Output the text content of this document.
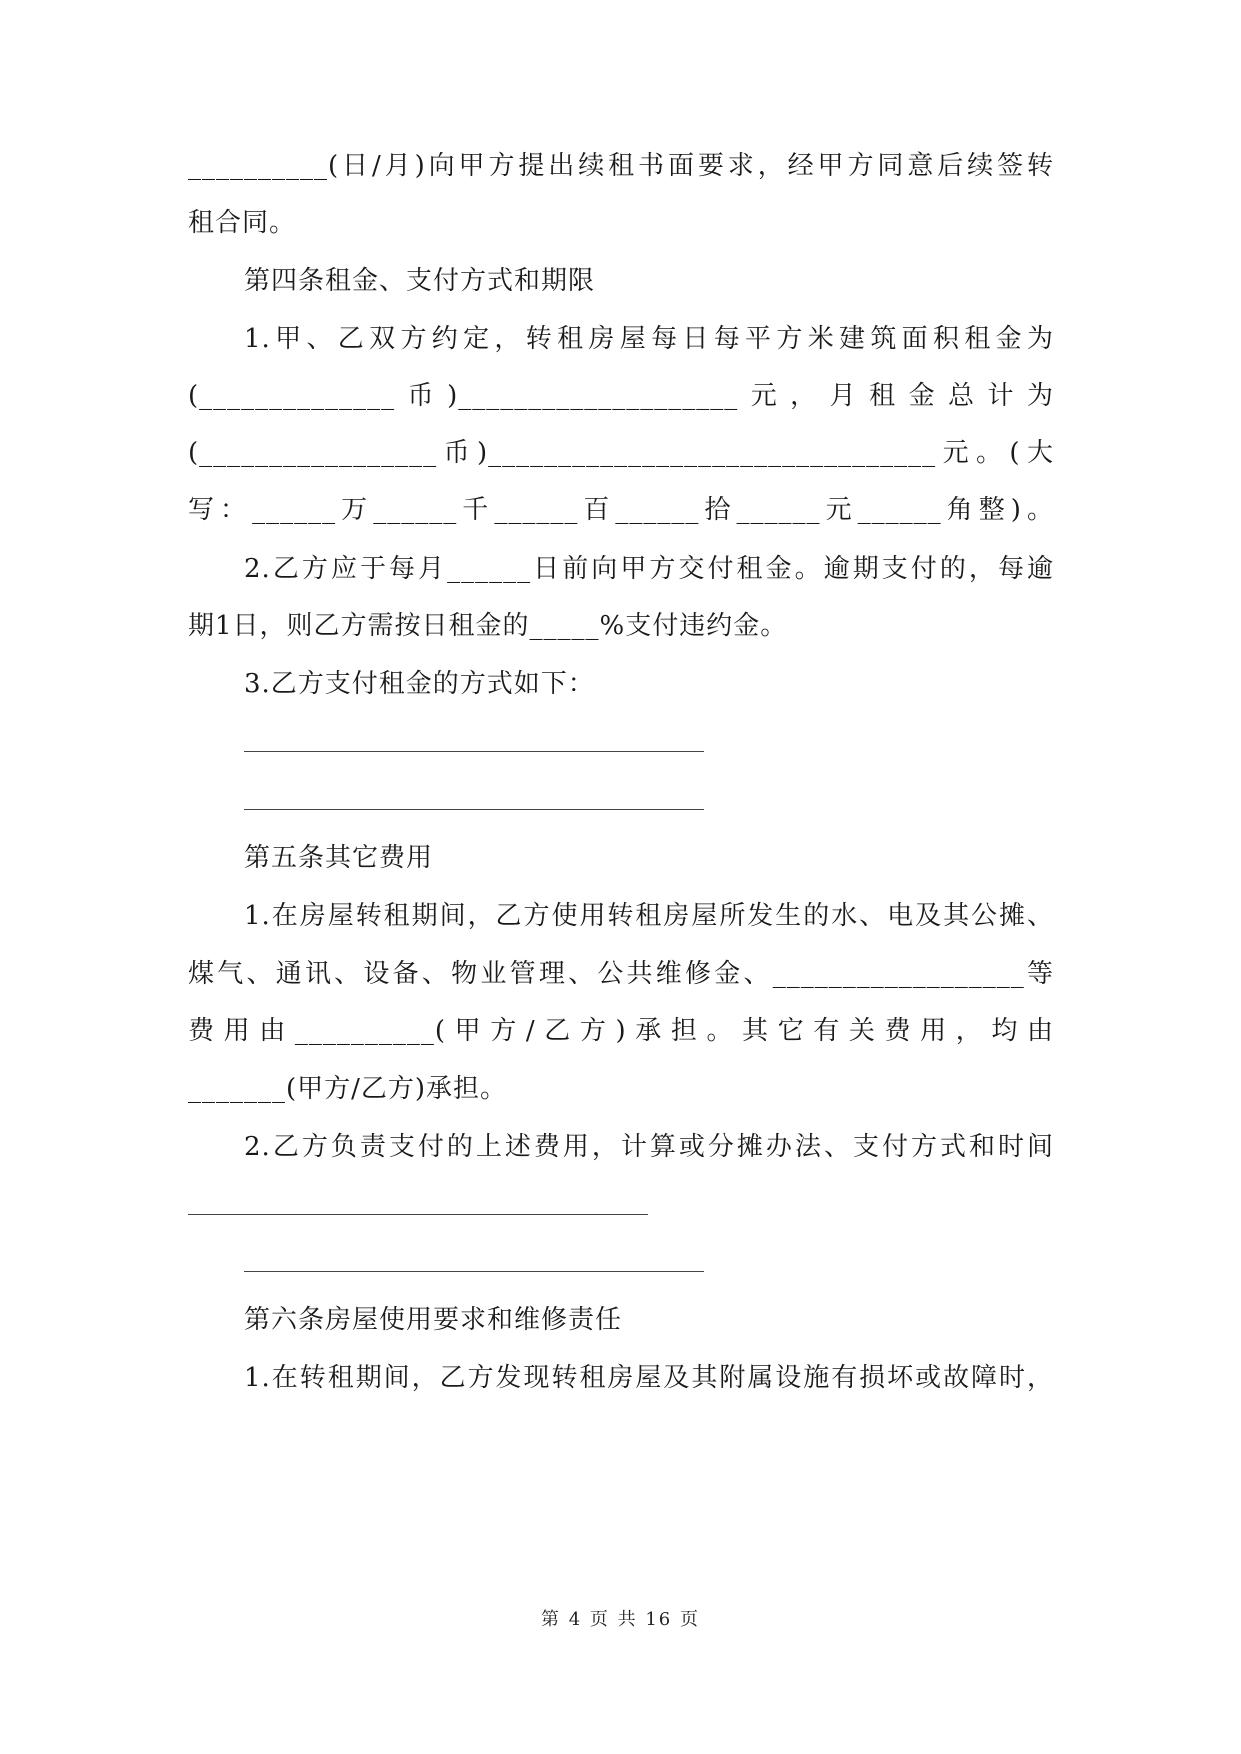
__________(日/月)向甲方提出续租书面要求，经甲方同意后续签转
租合同。
第四条租金、支付方式和期限
1.甲、乙双方约定，转租房屋每日每平方米建筑面积租金为
(______________币)____________________元，月租金总计为
(_________________币)________________________________元。(大
写：______万______千______百______拾______元______角整)。
2.乙方应于每月______日前向甲方交付租金。逾期支付的，每逾
期1日，则乙方需按日租金的_____%支付违约金。
3.乙方支付租金的方式如下：
第五条其它费用
1.在房屋转租期间，乙方使用转租房屋所发生的水、电及其公摊、
煤气、通讯、设备、物业管理、公共维修金、__________________等
费用由__________(甲方/乙方)承担。其它有关费用，均由
_______(甲方/乙方)承担。
2.乙方负责支付的上述费用，计算或分摊办法、支付方式和时间
第六条房屋使用要求和维修责任
1.在转租期间，乙方发现转租房屋及其附属设施有损坏或故障时，
第 4 页 共 16 页
